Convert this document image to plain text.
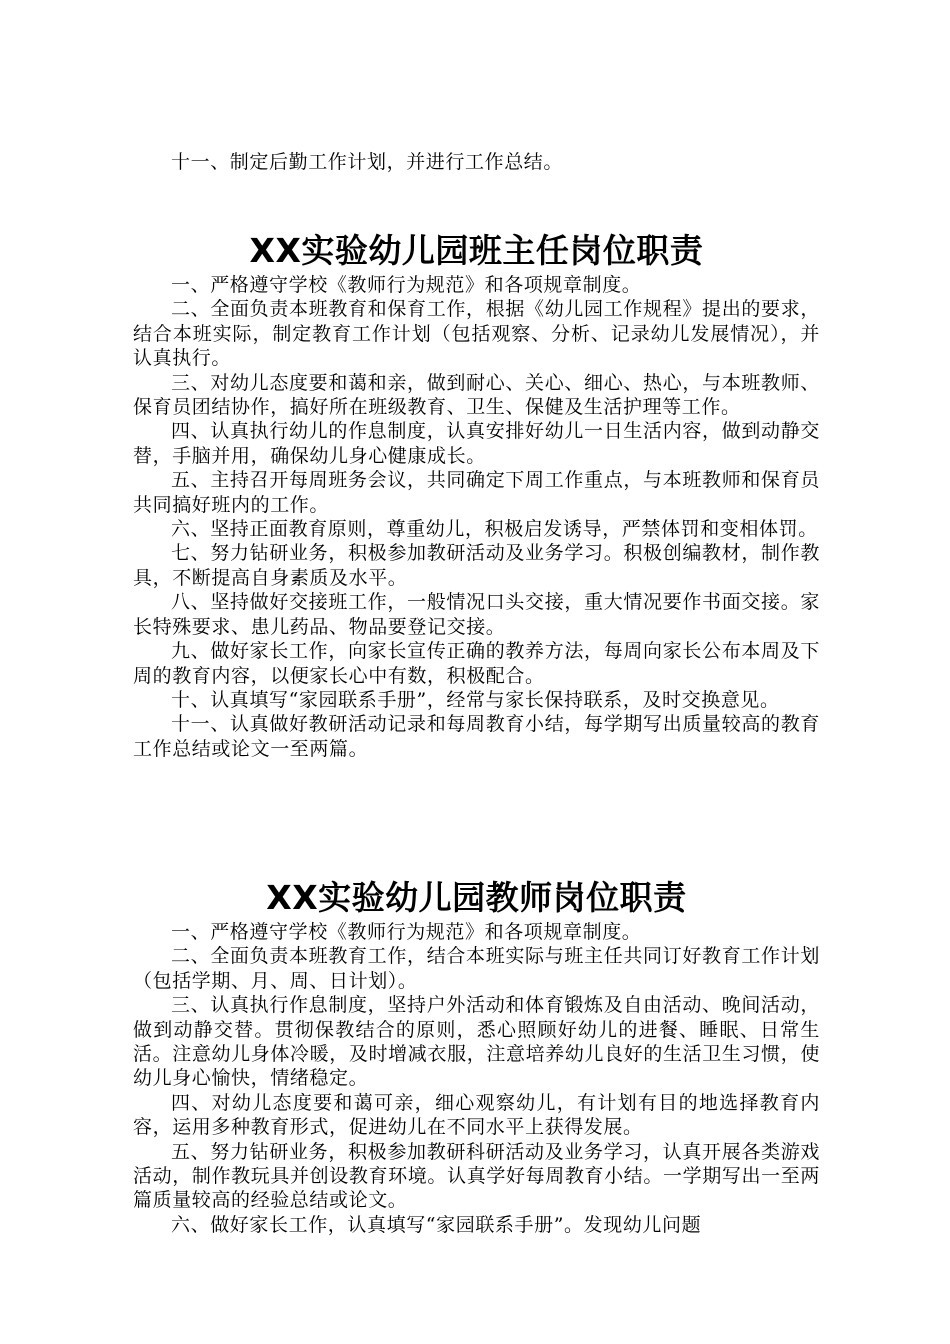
十一、制定后勤工作计划，并进行工作总结。

XX实验幼儿园班主任岗位职责

一、严格遵守学校《教师行为规范》和各项规章制度。

二、全面负责本班教育和保育工作，根据《幼儿园工作规程》提出的要求，结合本班实际，制定教育工作计划（包括观察、分析、记录幼儿发展情况），并认真执行。

三、对幼儿态度要和蔼和亲，做到耐心、关心、细心、热心，与本班教师、保育员团结协作，搞好所在班级教育、卫生、保健及生活护理等工作。

四、认真执行幼儿的作息制度，认真安排好幼儿一日生活内容，做到动静交替，手脑并用，确保幼儿身心健康成长。

五、主持召开每周班务会议，共同确定下周工作重点，与本班教师和保育员共同搞好班内的工作。

六、坚持正面教育原则，尊重幼儿，积极启发诱导，严禁体罚和变相体罚。

七、努力钻研业务，积极参加教研活动及业务学习。积极创编教材，制作教具，不断提高自身素质及水平。

八、坚持做好交接班工作，一般情况口头交接，重大情况要作书面交接。家长特殊要求、患儿药品、物品要登记交接。

九、做好家长工作，向家长宣传正确的教养方法，每周向家长公布本周及下周的教育内容，以便家长心中有数，积极配合。

十、认真填写“家园联系手册”，经常与家长保持联系，及时交换意见。

十一、认真做好教研活动记录和每周教育小结，每学期写出质量较高的教育工作总结或论文一至两篇。

XX实验幼儿园教师岗位职责

一、严格遵守学校《教师行为规范》和各项规章制度。

二、全面负责本班教育工作，结合本班实际与班主任共同订好教育工作计划（包括学期、月、周、日计划）。

三、认真执行作息制度，坚持户外活动和体育锻炼及自由活动、晚间活动，做到动静交替。贯彻保教结合的原则，悉心照顾好幼儿的进餐、睡眠、日常生活。注意幼儿身体冷暖，及时增减衣服，注意培养幼儿良好的生活卫生习惯，使幼儿身心愉快，情绪稳定。

四、对幼儿态度要和蔼可亲，细心观察幼儿，有计划有目的地选择教育内容，运用多种教育形式，促进幼儿在不同水平上获得发展。

五、努力钻研业务，积极参加教研科研活动及业务学习，认真开展各类游戏活动，制作教玩具并创设教育环境。认真学好每周教育小结。一学期写出一至两篇质量较高的经验总结或论文。

六、做好家长工作，认真填写“家园联系手册”。发现幼儿问题
